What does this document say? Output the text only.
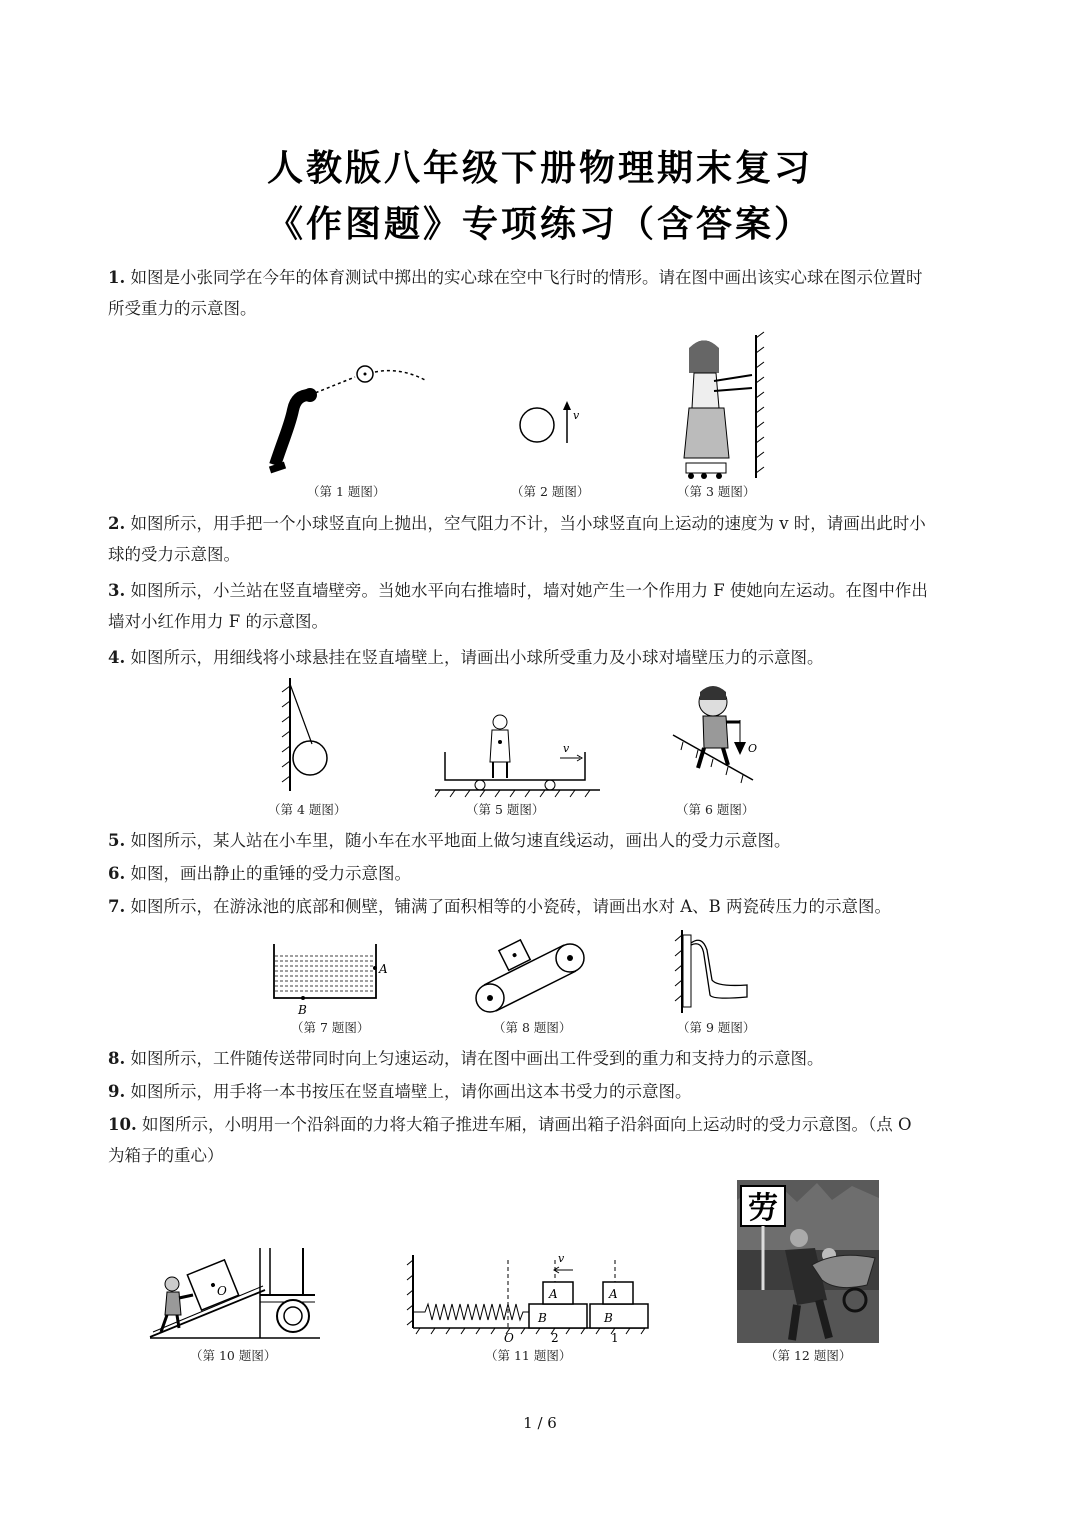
人教版八年级下册物理期末复习
《作图题》专项练习（含答案）
1. 如图是小张同学在今年的体育测试中掷出的实心球在空中飞行时的情形。请在图中画出该实心球在图示位置时所受重力的示意图。
v
（第 1 题图）	（第 2 题图）	（第 3 题图）
2. 如图所示，用手把一个小球竖直向上抛出，空气阻力不计，当小球竖直向上运动的速度为 v 时，请画出此时小球的受力示意图。
3. 如图所示，小兰站在竖直墙壁旁。当她水平向右推墙时，墙对她产生一个作用力 F 使她向左运动。在图中作出墙对小红作用力 F 的示意图。
4. 如图所示，用细线将小球悬挂在竖直墙壁上，请画出小球所受重力及小球对墙壁压力的示意图。
v	O
（第 4 题图）	（第 5 题图）	（第 6 题图）
5. 如图所示，某人站在小车里，随小车在水平地面上做匀速直线运动，画出人的受力示意图。
6. 如图，画出静止的重锤的受力示意图。
7. 如图所示，在游泳池的底部和侧壁，铺满了面积相等的小瓷砖，请画出水对 A、B 两瓷砖压力的示意图。
A
B
（第 7 题图）	（第 8 题图）	（第 9 题图）
8. 如图所示，工件随传送带同时向上匀速运动，请在图中画出工件受到的重力和支持力的示意图。
9. 如图所示，用手将一本书按压在竖直墙壁上，请你画出这本书受力的示意图。
10. 如图所示，小明用一个沿斜面的力将大箱子推进车厢，请画出箱子沿斜面向上运动时的受力示意图。（点 O 为箱子的重心）
O	A
B
v
A
B
O	2	1
劳
（第 10 题图）	（第 11 题图）	（第 12 题图）
1 / 6
